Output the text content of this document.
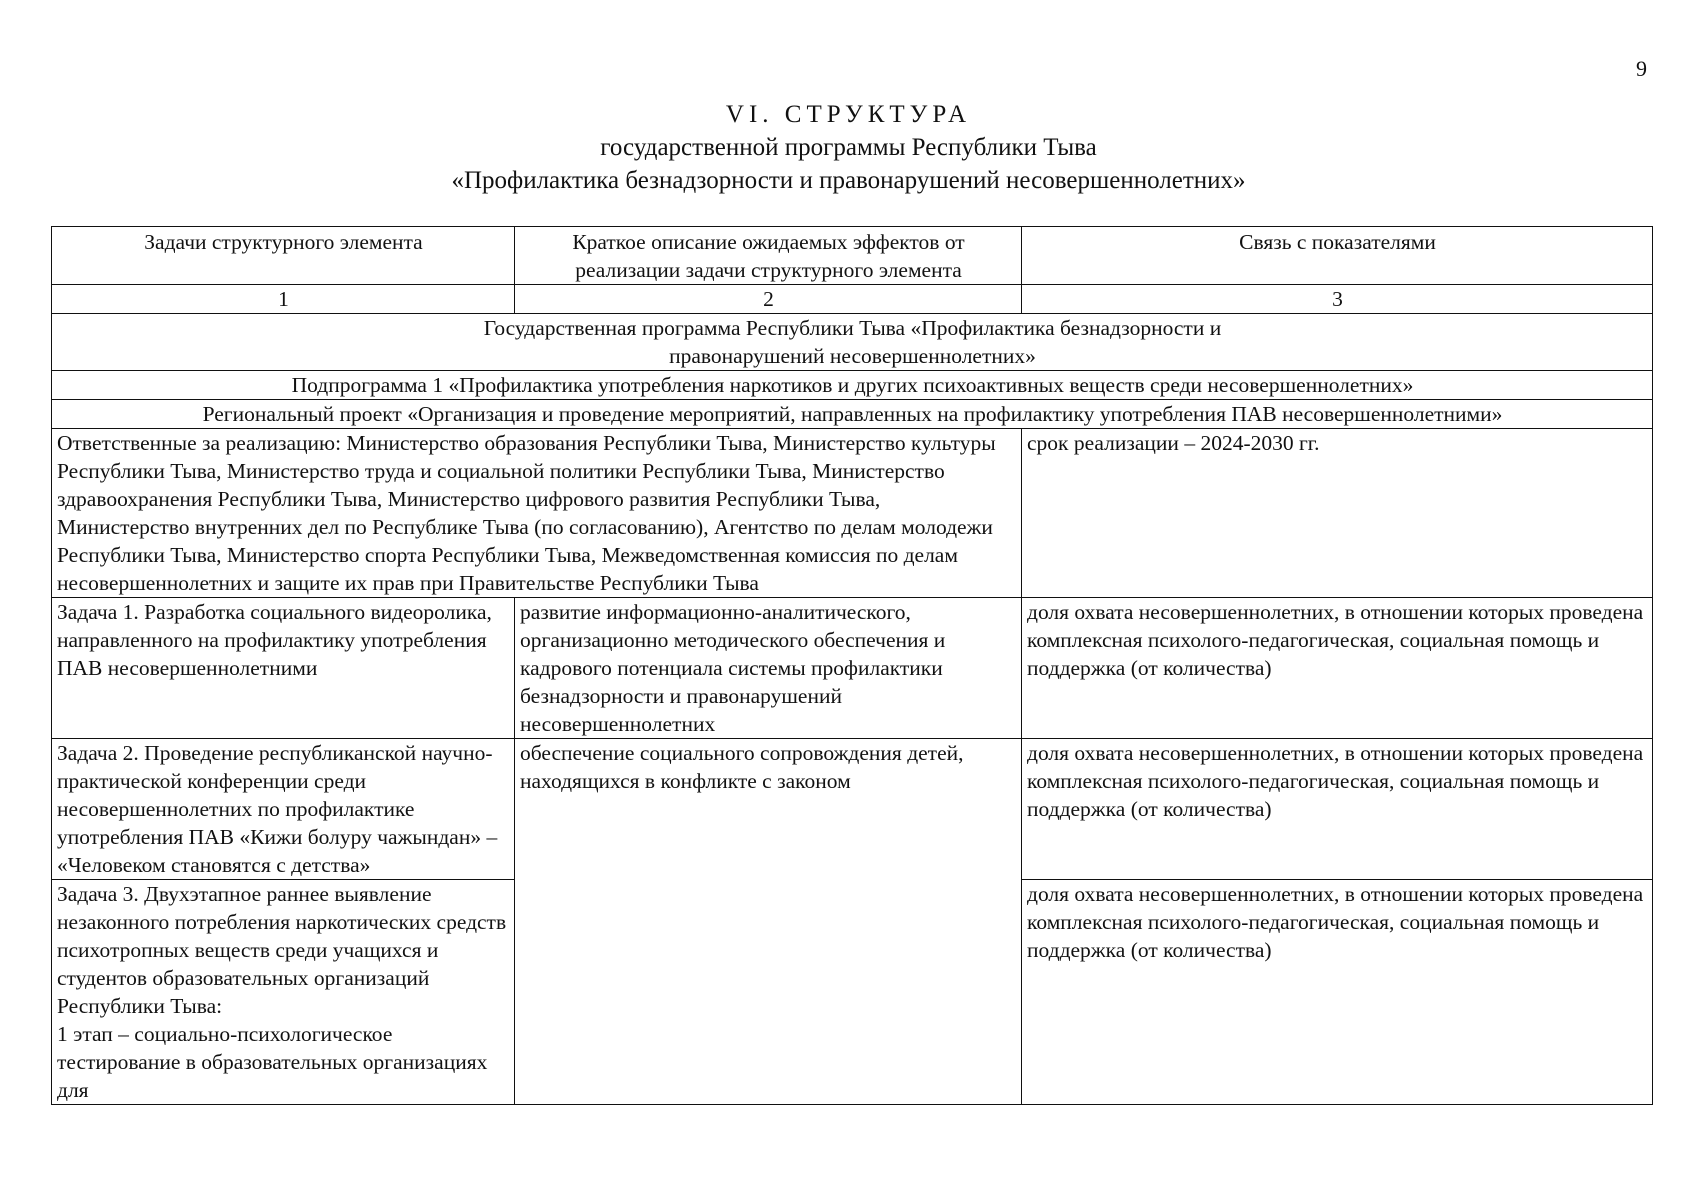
9
VI. СТРУКТУРА
государственной программы Республики Тыва
«Профилактика безнадзорности и правонарушений несовершеннолетних»
Задачи структурного элемента	Краткое описание ожидаемых эффектов от реализации задачи структурного элемента	Связь с показателями
1	2	3

Государственная программа Республики Тыва «Профилактика безнадзорности и
правонарушений несовершеннолетних»		

Подпрограмма 1 «Профилактика употребления наркотиков и других психоактивных веществ среди несовершеннолетних»		
Региональный проект «Организация и проведение мероприятий, направленных на профилактику употребления ПАВ несовершеннолетними»		
Ответственные за реализацию: Министерство образования Республики Тыва, Министерство культуры Республики Тыва, Министерство труда и социальной политики Республики Тыва, Министерство здравоохранения Республики Тыва, Министерство цифрового развития Республики Тыва, Министерство внутренних дел по Республике Тыва (по согласованию), Агентство по делам молодежи Республики Тыва, Министерство спорта Республики Тыва, Межведомственная комиссия по делам несовершеннолетних и защите их прав при Правительстве Республики Тыва		срок реализации – 2024-2030 гг.
Задача 1. Разработка социального видеоролика, направленного на профилактику употребления ПАВ несовершеннолетними	развитие информационно-аналитического, организационно методического обеспечения и кадрового потенциала системы профилактики безнадзорности и правонарушений несовершеннолетних	доля охвата несовершеннолетних, в отношении которых проведена комплексная психолого-педагогическая, социальная помощь и поддержка (от количества)
Задача 2. Проведение республиканской научно-практической конференции среди несовершеннолетних по профилактике употребления ПАВ «Кижи болуру чажындан» – «Человеком становятся с детства»	обеспечение социального сопровождения детей, находящихся в конфликте с законом	доля охвата несовершеннолетних, в отношении которых проведена комплексная психолого-педагогическая, социальная помощь и поддержка (от количества)

Задача 3. Двухэтапное раннее выявление незаконного потребления наркотических средств психотропных веществ среди учащихся и студентов образовательных организаций Республики Тыва:
1 этап – социально-психологическое тестирование в образовательных организациях для		доля охвата несовершеннолетних, в отношении которых проведена комплексная психолого-педагогическая, социальная помощь и поддержка (от количества)
